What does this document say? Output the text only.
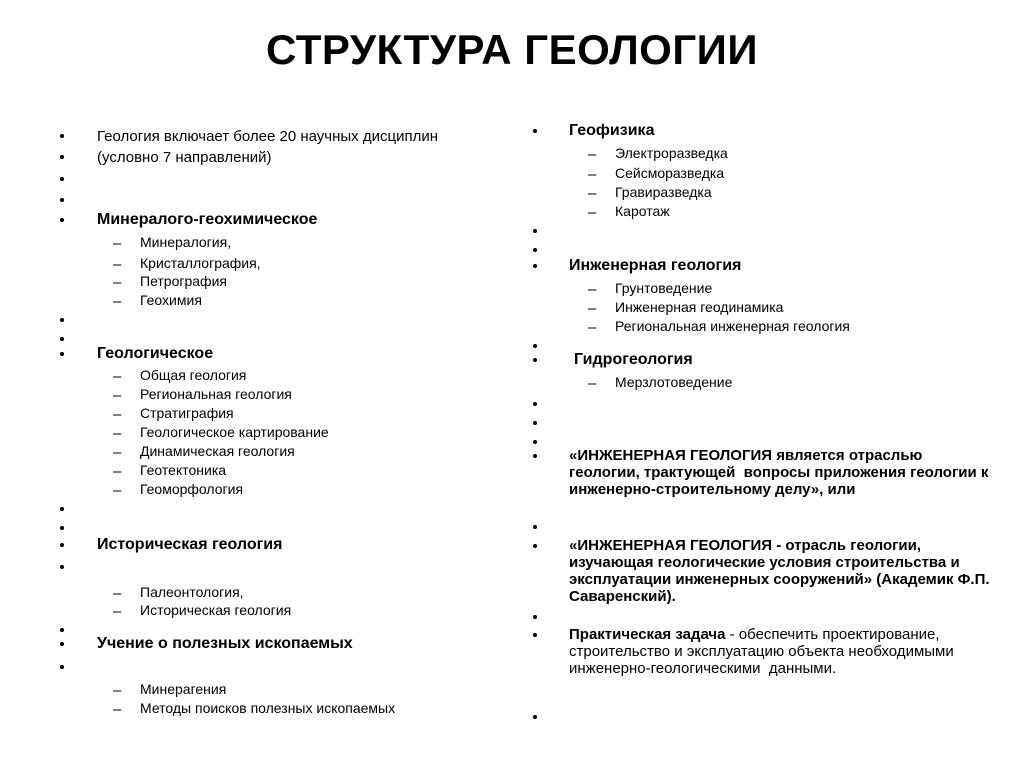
СТРУКТУРА ГЕОЛОГИИ
Геология включает более 20 научных дисциплин
(условно 7 направлений)
Минералого-геохимическое
– Минералогия,
– Кристаллография,
– Петрография
– Геохимия
Геологическое
– Общая геология
– Региональная геология
– Стратиграфия
– Геологическое картирование
– Динамическая геология
– Геотектоника
– Геоморфология
Историческая геология
– Палеонтология,
– Историческая геология
Учение о полезных ископаемых
– Минерагения
– Методы поисков полезных ископаемых
Геофизика
– Электроразведка
– Сейсморазведка
– Гравиразведка
– Каротаж
Инженерная геология
– Грунтоведение
– Инженерная геодинамика
– Региональная инженерная геология
Гидрогеология
– Мерзлотоведение
«ИНЖЕНЕРНАЯ ГЕОЛОГИЯ является отраслью геологии, трактующей  вопросы приложения геологии к инженерно-строительному делу», или
«ИНЖЕНЕРНАЯ ГЕОЛОГИЯ - отрасль геологии, изучающая геологические условия строительства и эксплуатации инженерных сооружений» (Академик Ф.П. Саваренский).
Практическая задача - обеспечить проектирование, строительство и эксплуатацию объекта необходимыми инженерно-геологическими  данными.
